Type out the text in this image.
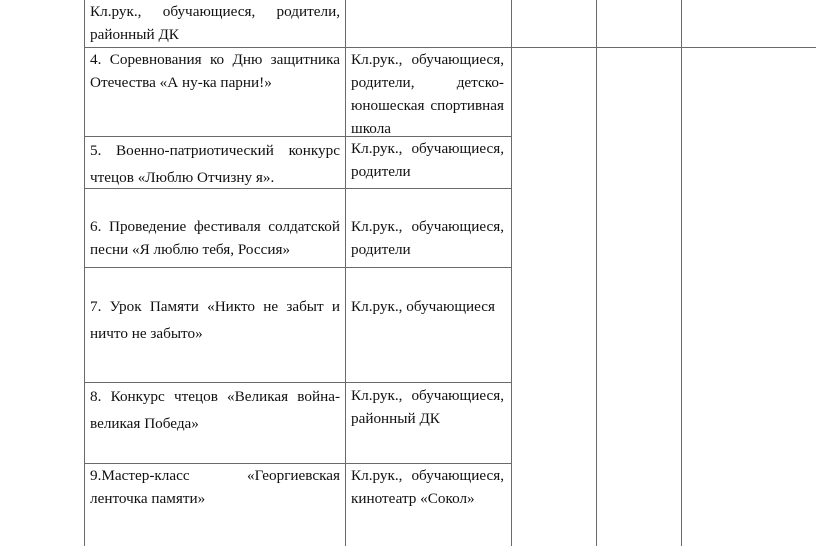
Кл.рук., обучающиеся, родители, районный ДК
4. Соревнования ко Дню защитника Отечества «А ну-ка парни!»
Кл.рук., обучающиеся, родители, детско-юношеская спортивная школа
5. Военно-патриотический конкурс чтецов «Люблю Отчизну я».
Кл.рук., обучающиеся, родители
6. Проведение фестиваля солдатской песни «Я люблю тебя, Россия»
Кл.рук., обучающиеся, родители
7. Урок Памяти «Никто не забыт и ничто не забыто»
Кл.рук., обучающиеся
8. Конкурс чтецов «Великая война-великая Победа»
Кл.рук., обучающиеся, районный ДК
9.Мастер-класс «Георгиевская ленточка памяти»
Кл.рук., обучающиеся, кинотеатр «Сокол»
